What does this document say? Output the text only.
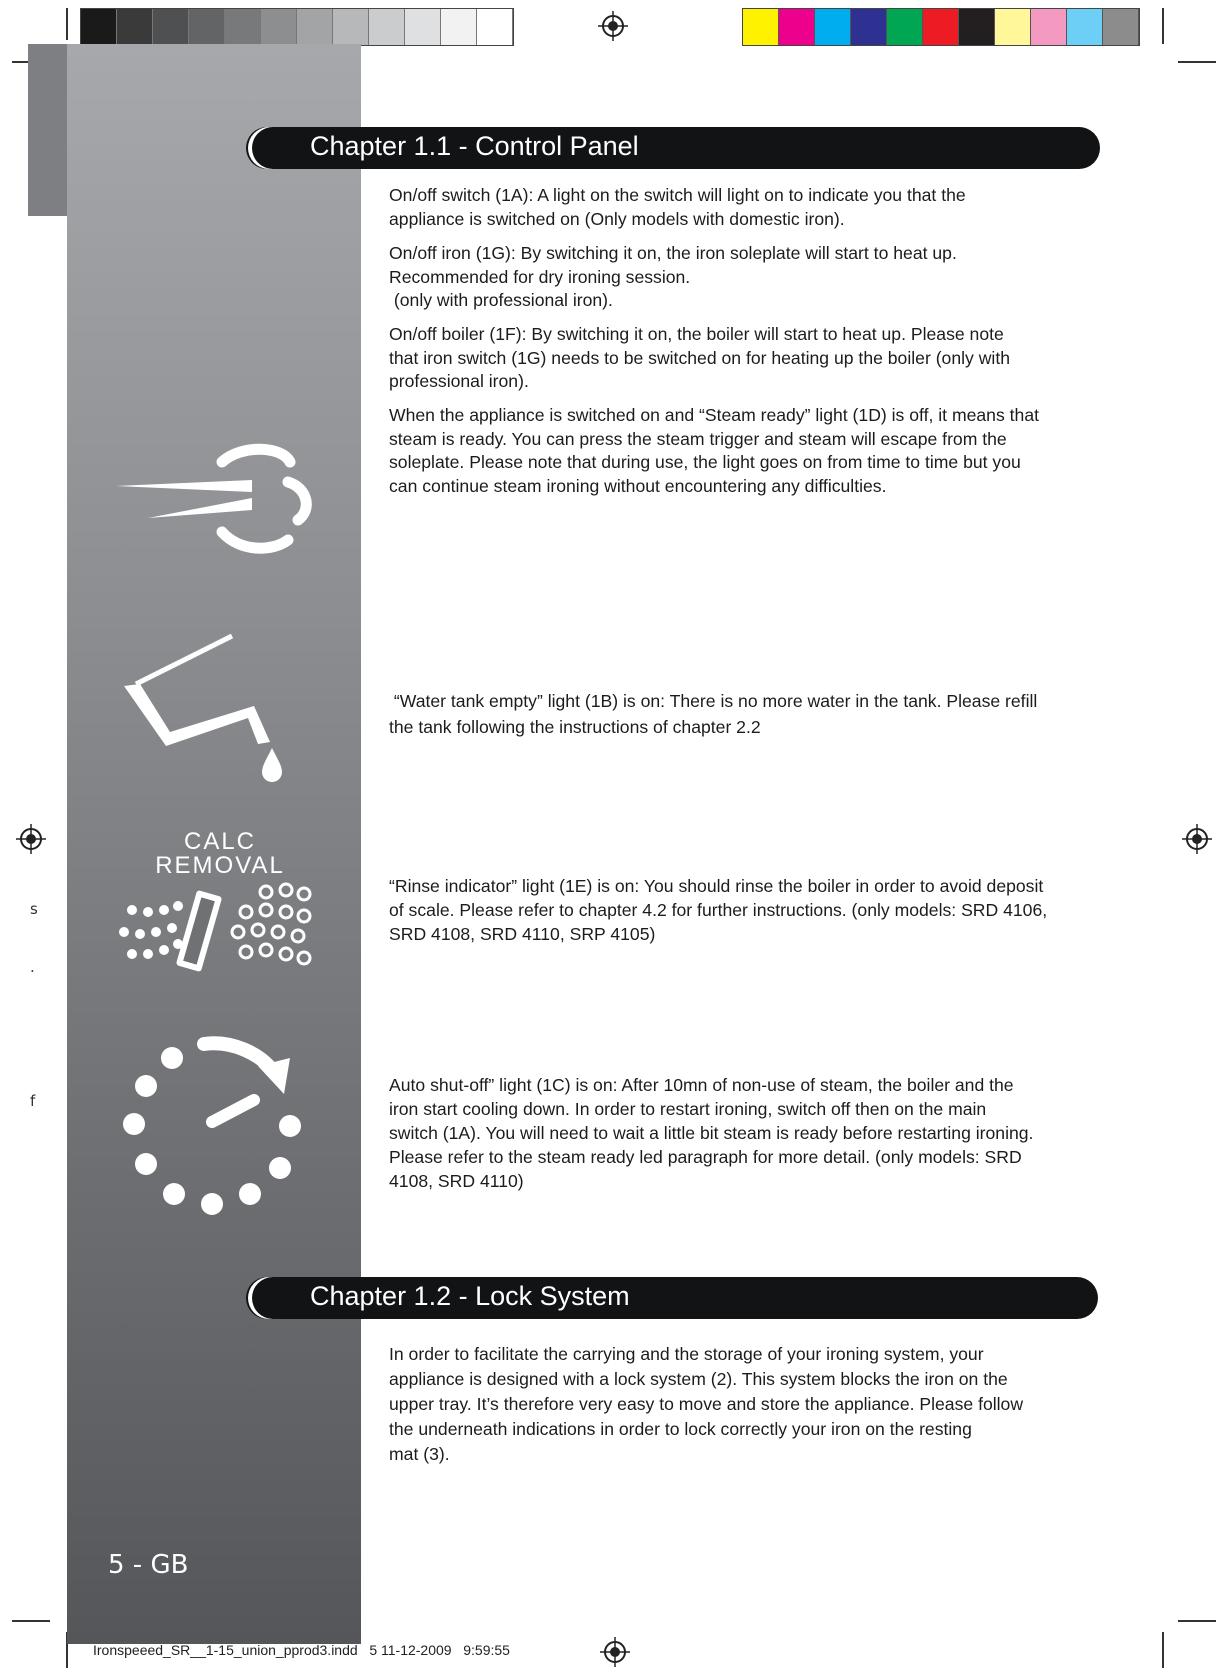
s
.
f
CALC
REMOVAL
5 - GB
Chapter 1.1 - Control Panel

On/off switch (1A): A light on the switch will light on to indicate you that the
appliance is switched on (Only models with domestic iron).

On/off iron (1G): By switching it on, the iron soleplate will start to heat up.
Recommended for dry ironing session.
(only with professional iron).

On/off boiler (1F): By switching it on, the boiler will start to heat up. Please note
that iron switch (1G) needs to be switched on for heating up the boiler (only with
professional iron).

When the appliance is switched on and “Steam ready” light (1D) is off, it means that
steam is ready. You can press the steam trigger and steam will escape from the
soleplate. Please note that during use, the light goes on from time to time but you
can continue steam ironing without encountering any difficulties.

“Water tank empty” light (1B) is on: There is no more water in the tank. Please refill
the tank following the instructions of chapter 2.2

“Rinse indicator” light (1E) is on: You should rinse the boiler in order to avoid deposit
of scale. Please refer to chapter 4.2 for further instructions. (only models: SRD 4106,
SRD 4108, SRD 4110, SRP 4105)

Auto shut-off” light (1C) is on: After 10mn of non-use of steam, the boiler and the
iron start cooling down. In order to restart ironing, switch off then on the main
switch (1A). You will need to wait a little bit steam is ready before restarting ironing.
Please refer to the steam ready led paragraph for more detail. (only models: SRD
4108, SRD 4110)

Chapter 1.2 - Lock System

In order to facilitate the carrying and the storage of your ironing system, your
appliance is designed with a lock system (2). This system blocks the iron on the
upper tray. It’s therefore very easy to move and store the appliance. Please follow
the underneath indications in order to lock correctly your iron on the resting
mat (3).

Ironspeeed_SR__1-15_union_pprod3.indd   5 11-12-2009   9:59:55
